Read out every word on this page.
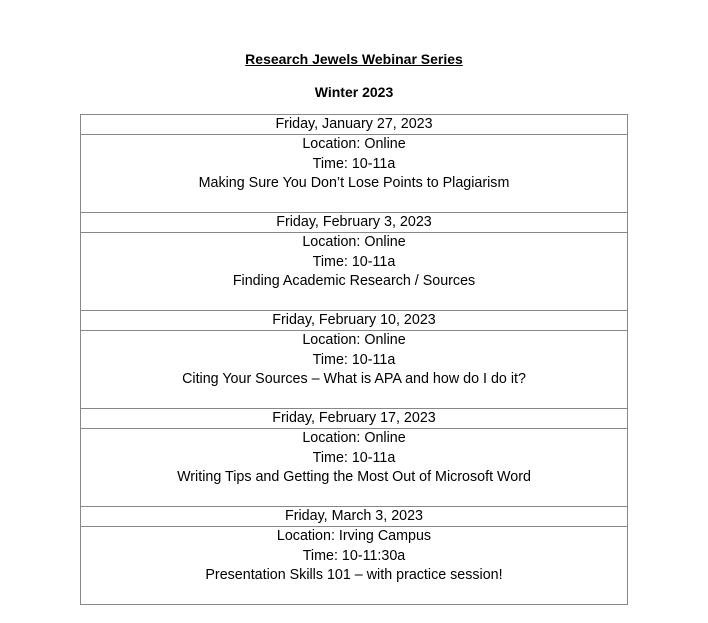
Research Jewels Webinar Series
Winter 2023
Friday, January 27, 2023

Location: Online
Time: 10-11a
Making Sure You Don’t Lose Points to Plagiarism

Friday, February 3, 2023

Location: Online
Time: 10-11a
Finding Academic Research / Sources

Friday, February 10, 2023

Location: Online
Time: 10-11a
Citing Your Sources – What is APA and how do I do it?

Friday, February 17, 2023

Location: Online
Time: 10-11a
Writing Tips and Getting the Most Out of Microsoft Word

Friday, March 3, 2023

Location: Irving Campus
Time: 10-11:30a
Presentation Skills 101 – with practice session!
